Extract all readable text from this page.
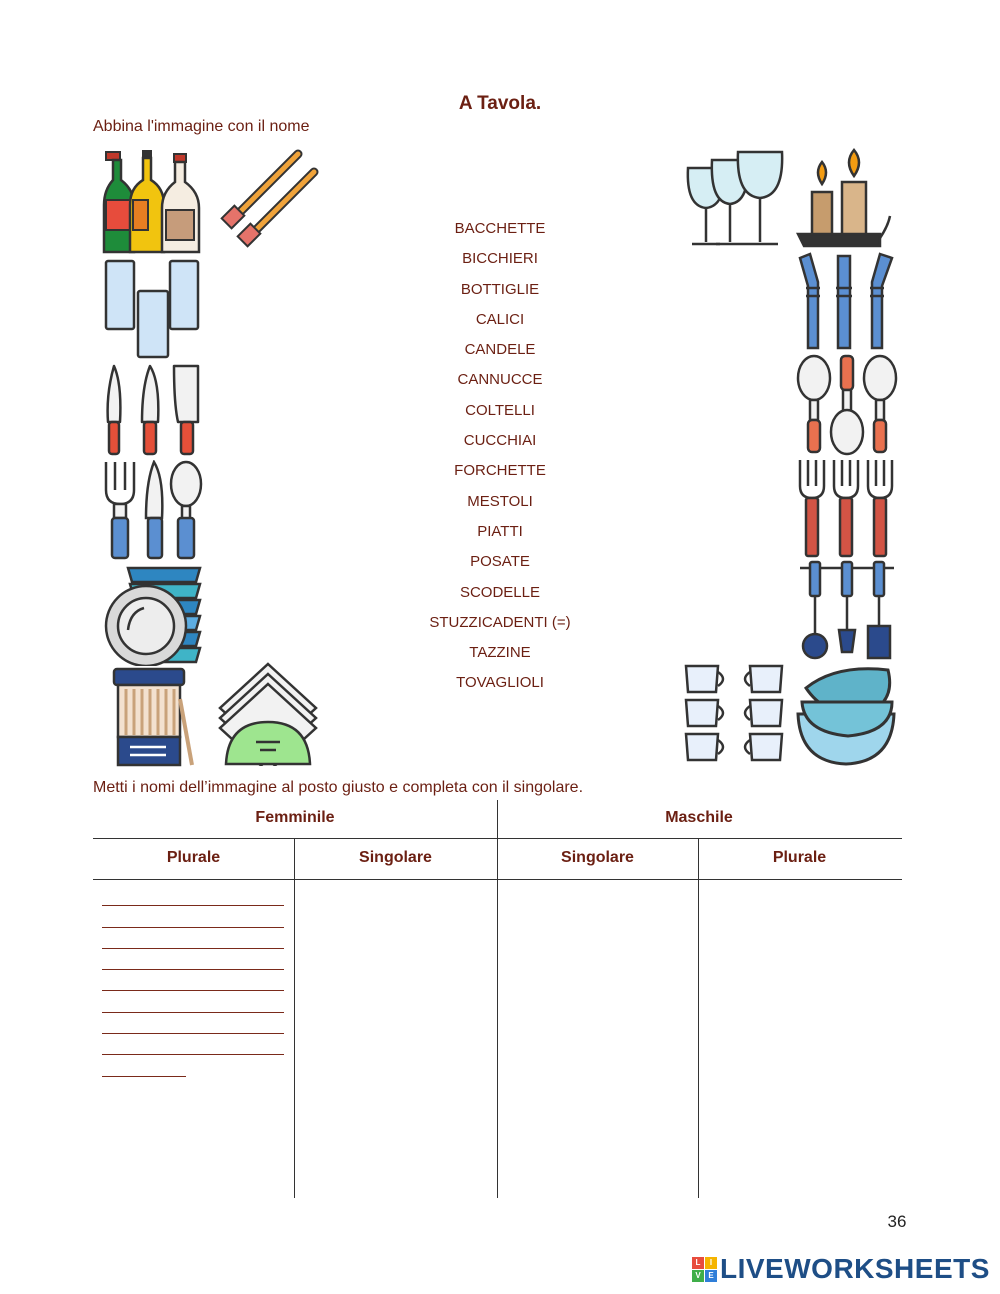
A Tavola.
Abbina l'immagine con il nome
BACCHETTE
BICCHIERI
BOTTIGLIE
CALICI
CANDELE
CANNUCCE
COLTELLI
CUCCHIAI
FORCHETTE
MESTOLI
PIATTI
POSATE
SCODELLE
STUZZICADENTI (=)
TAZZINE
TOVAGLIOLI
Metti i nomi dell’immagine al posto giusto e completa con il singolare.
Femminile	Maschile
Plurale	Singolare	Singolare	Plurale
36
L	I
V E LIVEWORKSHEETS
